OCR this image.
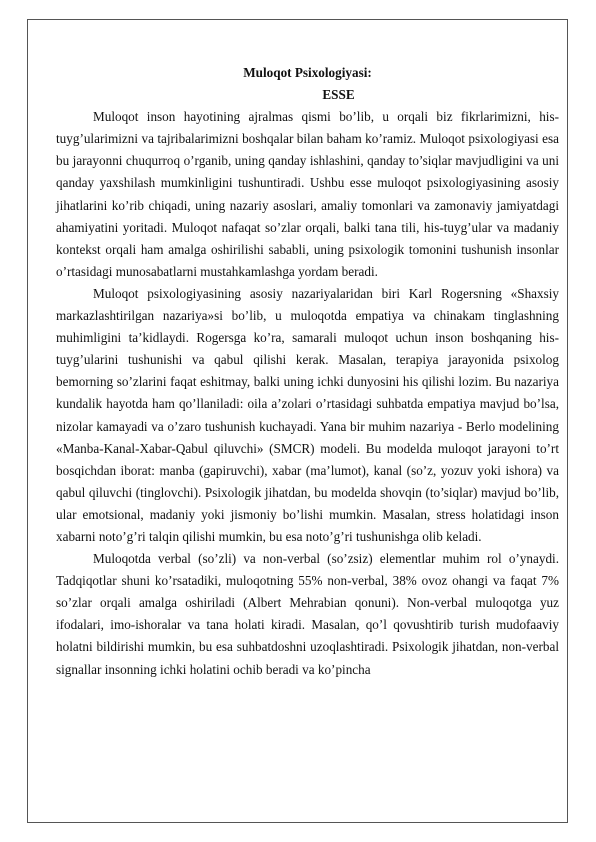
Muloqot Psixologiyasi:

ESSE

Muloqot inson hayotining ajralmas qismi bo’lib, u orqali biz fikrlarimizni, his-tuyg’ularimizni va tajribalarimizni boshqalar bilan baham ko’ramiz. Muloqot psixologiyasi esa bu jarayonni chuqurroq o’rganib, uning qanday ishlashini, qanday to’siqlar mavjudligini va uni qanday yaxshilash mumkinligini tushuntiradi. Ushbu esse muloqot psixologiyasining asosiy jihatlarini ko’rib chiqadi, uning nazariy asoslari, amaliy tomonlari va zamonaviy jamiyatdagi ahamiyatini yoritadi. Muloqot nafaqat so’zlar orqali, balki tana tili, his-tuyg’ular va madaniy kontekst orqali ham amalga oshirilishi sababli, uning psixologik tomonini tushunish insonlar o’rtasidagi munosabatlarni mustahkamlashga yordam beradi.

Muloqot psixologiyasining asosiy nazariyalaridan biri Karl Rogersning «Shaxsiy markazlashtirilgan nazariya»si bo’lib, u muloqotda empatiya va chinakam tinglashning muhimligini ta’kidlaydi. Rogersga ko’ra, samarali muloqot uchun inson boshqaning his-tuyg’ularini tushunishi va qabul qilishi kerak. Masalan, terapiya jarayonida psixolog bemorning so’zlarini faqat eshitmay, balki uning ichki dunyosini his qilishi lozim. Bu nazariya kundalik hayotda ham qo’llaniladi: oila a’zolari o’rtasidagi suhbatda empatiya mavjud bo’lsa, nizolar kamayadi va o’zaro tushunish kuchayadi. Yana bir muhim nazariya - Berlo modelining «Manba-Kanal-Xabar-Qabul qiluvchi» (SMCR) modeli. Bu modelda muloqot jarayoni to’rt bosqichdan iborat: manba (gapiruvchi), xabar (ma’lumot), kanal (so’z, yozuv yoki ishora) va qabul qiluvchi (tinglovchi). Psixologik jihatdan, bu modelda shovqin (to’siqlar) mavjud bo’lib, ular emotsional, madaniy yoki jismoniy bo’lishi mumkin. Masalan, stress holatidagi inson xabarni noto’g’ri talqin qilishi mumkin, bu esa noto’g’ri tushunishga olib keladi.

Muloqotda verbal (so’zli) va non-verbal (so’zsiz) elementlar muhim rol o’ynaydi. Tadqiqotlar shuni ko’rsatadiki, muloqotning 55% non-verbal, 38% ovoz ohangi va faqat 7% so’zlar orqali amalga oshiriladi (Albert Mehrabian qonuni). Non-verbal muloqotga yuz ifodalari, imo-ishoralar va tana holati kiradi. Masalan, qo’l qovushtirib turish mudofaaviy holatni bildirishi mumkin, bu esa suhbatdoshni uzoqlashtiradi. Psixologik jihatdan, non-verbal signallar insonning ichki holatini ochib beradi va ko’pincha
